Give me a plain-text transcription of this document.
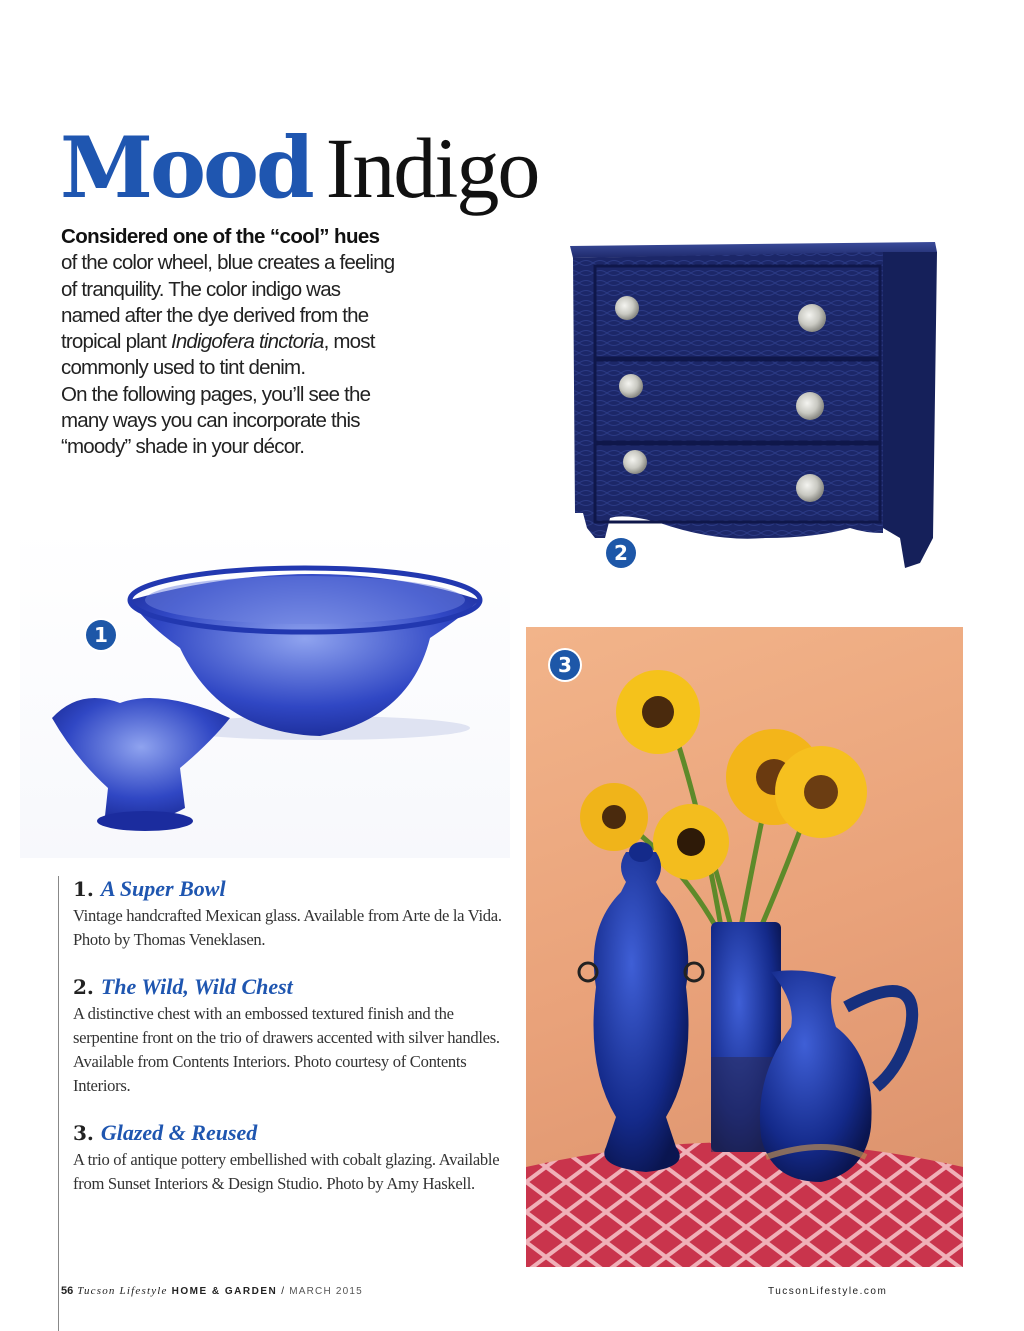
Mood Indigo
Considered one of the “cool” hues of the color wheel, blue creates a feeling of tranquility. The color indigo was named after the dye derived from the tropical plant Indigofera tinctoria, most commonly used to tint denim.
On the following pages, you’ll see the many ways you can incorporate this “moody” shade in your décor.
2
1
3
1. A Super Bowl
Vintage handcrafted Mexican glass. Available from Arte de la Vida. Photo by Thomas Veneklasen.
2. The Wild, Wild Chest
A distinctive chest with an embossed textured finish and the serpentine front on the trio of drawers accented with silver handles. Available from Contents Interiors. Photo courtesy of Contents Interiors.
3. Glazed & Reused
A trio of antique pottery embellished with cobalt glazing. Available from Sunset Interiors & Design Studio. Photo by Amy Haskell.
56 Tucson Lifestyle HOME & GARDEN / MARCH 2015	TucsonLifestyle.com
